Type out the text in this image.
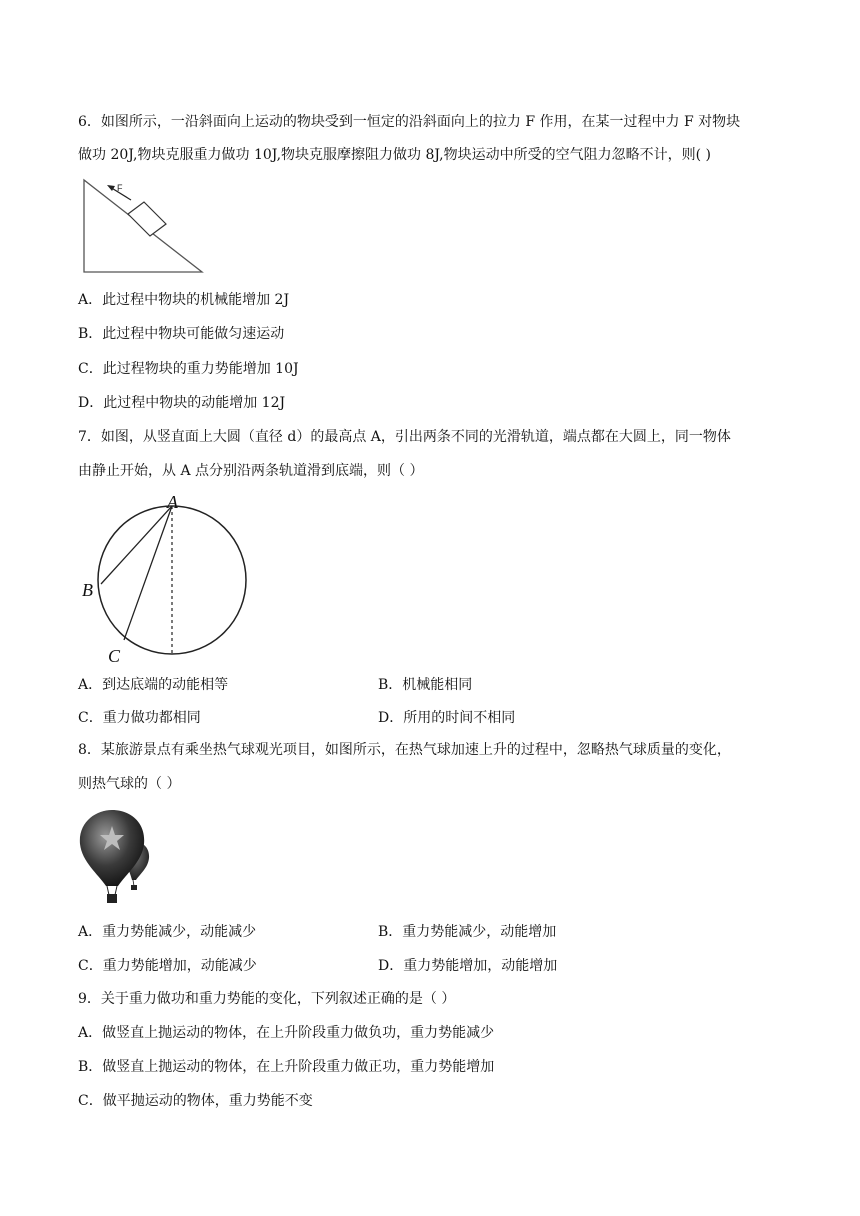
6．如图所示，一沿斜面向上运动的物块受到一恒定的沿斜面向上的拉力 F 作用，在某一过程中力 F 对物块
做功 20J,物块克服重力做功 10J,物块克服摩擦阻力做功 8J,物块运动中所受的空气阻力忽略不计，则( )
F
A．此过程中物块的机械能增加 2J
B．此过程中物块可能做匀速运动
C．此过程物块的重力势能增加 10J
D．此过程中物块的动能增加 12J
7．如图，从竖直面上大圆（直径 d）的最高点 A，引出两条不同的光滑轨道，端点都在大圆上，同一物体
由静止开始，从 A 点分别沿两条轨道滑到底端，则（ ）
A
B
C
A．到达底端的动能相等	B．机械能相同
C．重力做功都相同	D．所用的时间不相同
8．某旅游景点有乘坐热气球观光项目，如图所示，在热气球加速上升的过程中，忽略热气球质量的变化，
则热气球的（ ）
A．重力势能减少，动能减少	B．重力势能减少，动能增加
C．重力势能增加，动能减少	D．重力势能增加，动能增加
9．关于重力做功和重力势能的变化，下列叙述正确的是（ ）
A．做竖直上抛运动的物体，在上升阶段重力做负功，重力势能减少
B．做竖直上抛运动的物体，在上升阶段重力做正功，重力势能增加
C．做平抛运动的物体，重力势能不变
